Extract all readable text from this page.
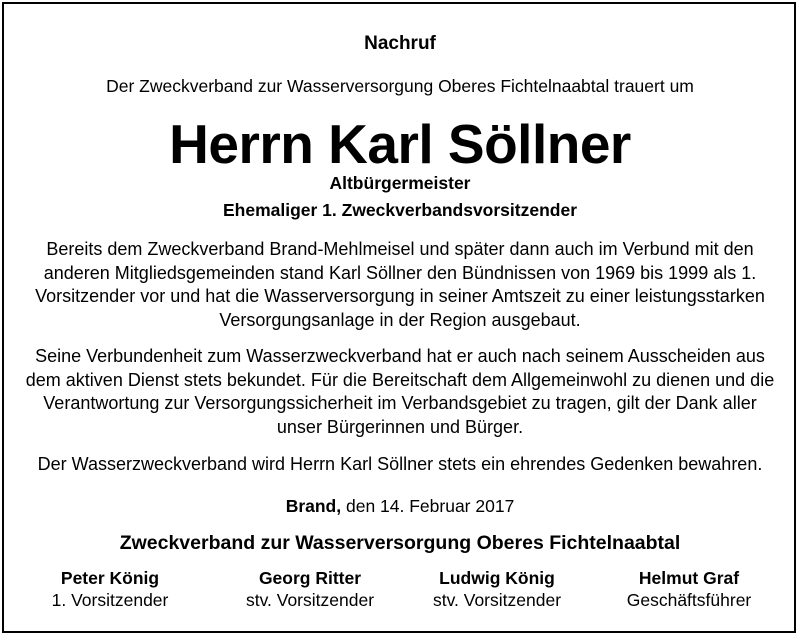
Nachruf
Der Zweckverband zur Wasserversorgung Oberes Fichtelnaabtal trauert um
Herrn Karl Söllner
Altbürgermeister
Ehemaliger 1. Zweckverbandsvorsitzender
Bereits dem Zweckverband Brand-Mehlmeisel und später dann auch im Verbund mit den anderen Mitgliedsgemeinden stand Karl Söllner den Bündnissen von 1969 bis 1999 als 1. Vorsitzender vor und hat die Wasserversorgung in seiner Amtszeit zu einer leistungsstarken Versorgungsanlage in der Region ausgebaut.
Seine Verbundenheit zum Wasserzweckverband hat er auch nach seinem Ausscheiden aus dem aktiven Dienst stets bekundet. Für die Bereitschaft dem Allgemeinwohl zu dienen und die Verantwortung zur Versorgungssicherheit im Verbandsgebiet zu tragen, gilt der Dank aller unser Bürgerinnen und Bürger.
Der Wasserzweckverband wird Herrn Karl Söllner stets ein ehrendes Gedenken bewahren.
Brand, den 14. Februar 2017
Zweckverband zur Wasserversorgung Oberes Fichtelnaabtal
Peter König
1. Vorsitzender
Georg Ritter
stv. Vorsitzender
Ludwig König
stv. Vorsitzender
Helmut Graf
Geschäftsführer
